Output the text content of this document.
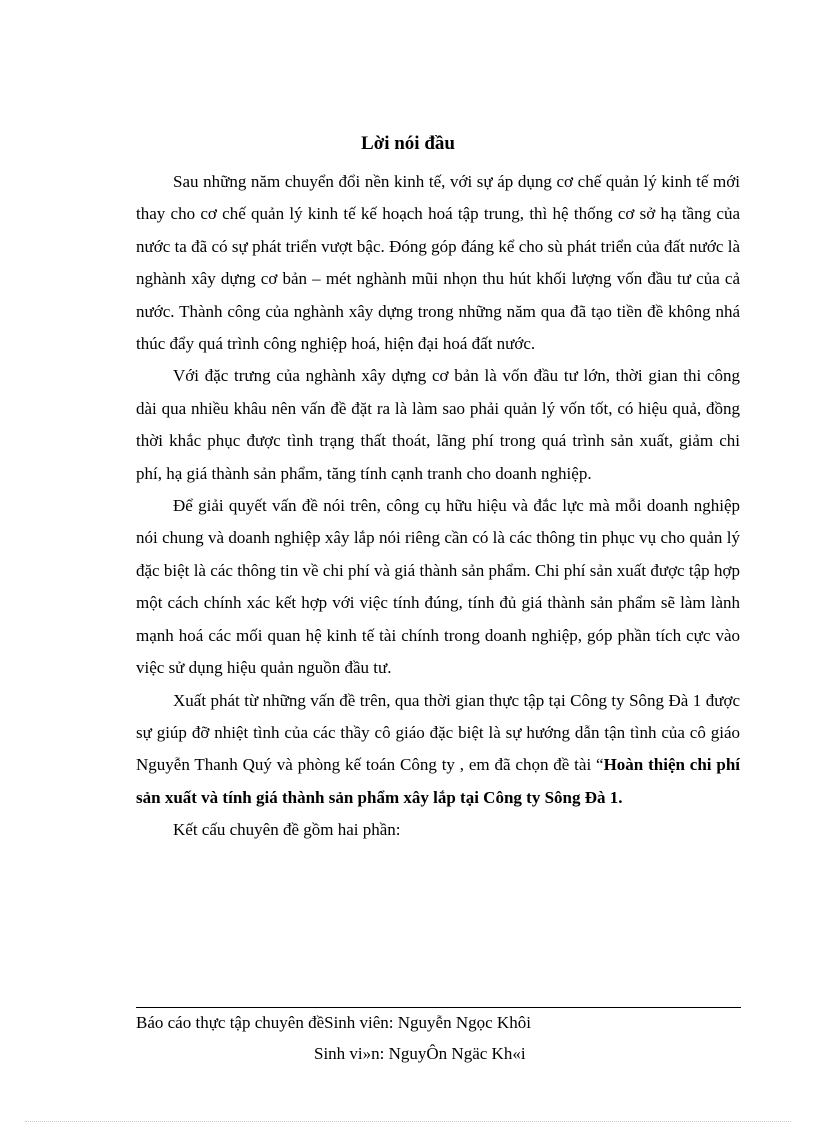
Lời nói đầu

Sau những năm chuyển đổi nền kinh tế, với sự áp dụng cơ chế quản lý kinh tế mới thay cho cơ chế quản lý kinh tế kế hoạch hoá tập trung, thì hệ thống cơ sở hạ tầng của nước ta đã có sự phát triển vượt bậc. Đóng góp đáng kể cho sù phát triển của đất nước là nghành xây dựng cơ bản – mét nghành mũi nhọn thu hút khối lượng vốn đầu tư của cả nước. Thành công của nghành xây dựng trong những năm qua đã tạo tiền đề không nhá thúc đẩy quá trình công nghiệp hoá, hiện đại hoá đất nước.

Với đặc trưng của nghành xây dựng cơ bản là vốn đầu tư lớn, thời gian thi công dài qua nhiều khâu nên vấn đề đặt ra là làm sao phải quản lý vốn tốt, có hiệu quả, đồng thời khắc phục được tình trạng thất thoát, lãng phí trong quá trình sản xuất, giảm chi phí, hạ giá thành sản phẩm, tăng tính cạnh tranh cho doanh nghiệp.

Để giải quyết vấn đề nói trên, công cụ hữu hiệu và đắc lực mà mỗi doanh nghiệp nói chung và doanh nghiệp xây lắp nói riêng cần có là các thông tin phục vụ cho quản lý đặc biệt là các thông tin về chi phí và giá thành sản phẩm. Chi phí sản xuất được tập hợp một cách chính xác kết hợp với việc tính đúng, tính đủ giá thành sản phẩm sẽ làm lành mạnh hoá các mối quan hệ kinh tế tài chính trong doanh nghiệp, góp phần tích cực vào việc sử dụng hiệu quản nguồn đầu tư.

Xuất phát từ những vấn đề trên, qua thời gian thực tập tại Công ty Sông Đà 1 được sự giúp đỡ nhiệt tình của các thầy cô giáo đặc biệt là sự hướng dẫn tận tình của cô giáo Nguyễn Thanh Quý và phòng kế toán Công ty , em đã chọn đề tài “Hoàn thiện chi phí sản xuất và tính giá thành sản phẩm xây lắp tại Công ty Sông Đà 1.

Kết cấu chuyên đề gồm hai phần:

Báo cáo thực tập chuyên đềSinh viên: Nguyễn Ngọc Khôi
Sinh vi»n: NguyÔn Ngäc Kh«i
